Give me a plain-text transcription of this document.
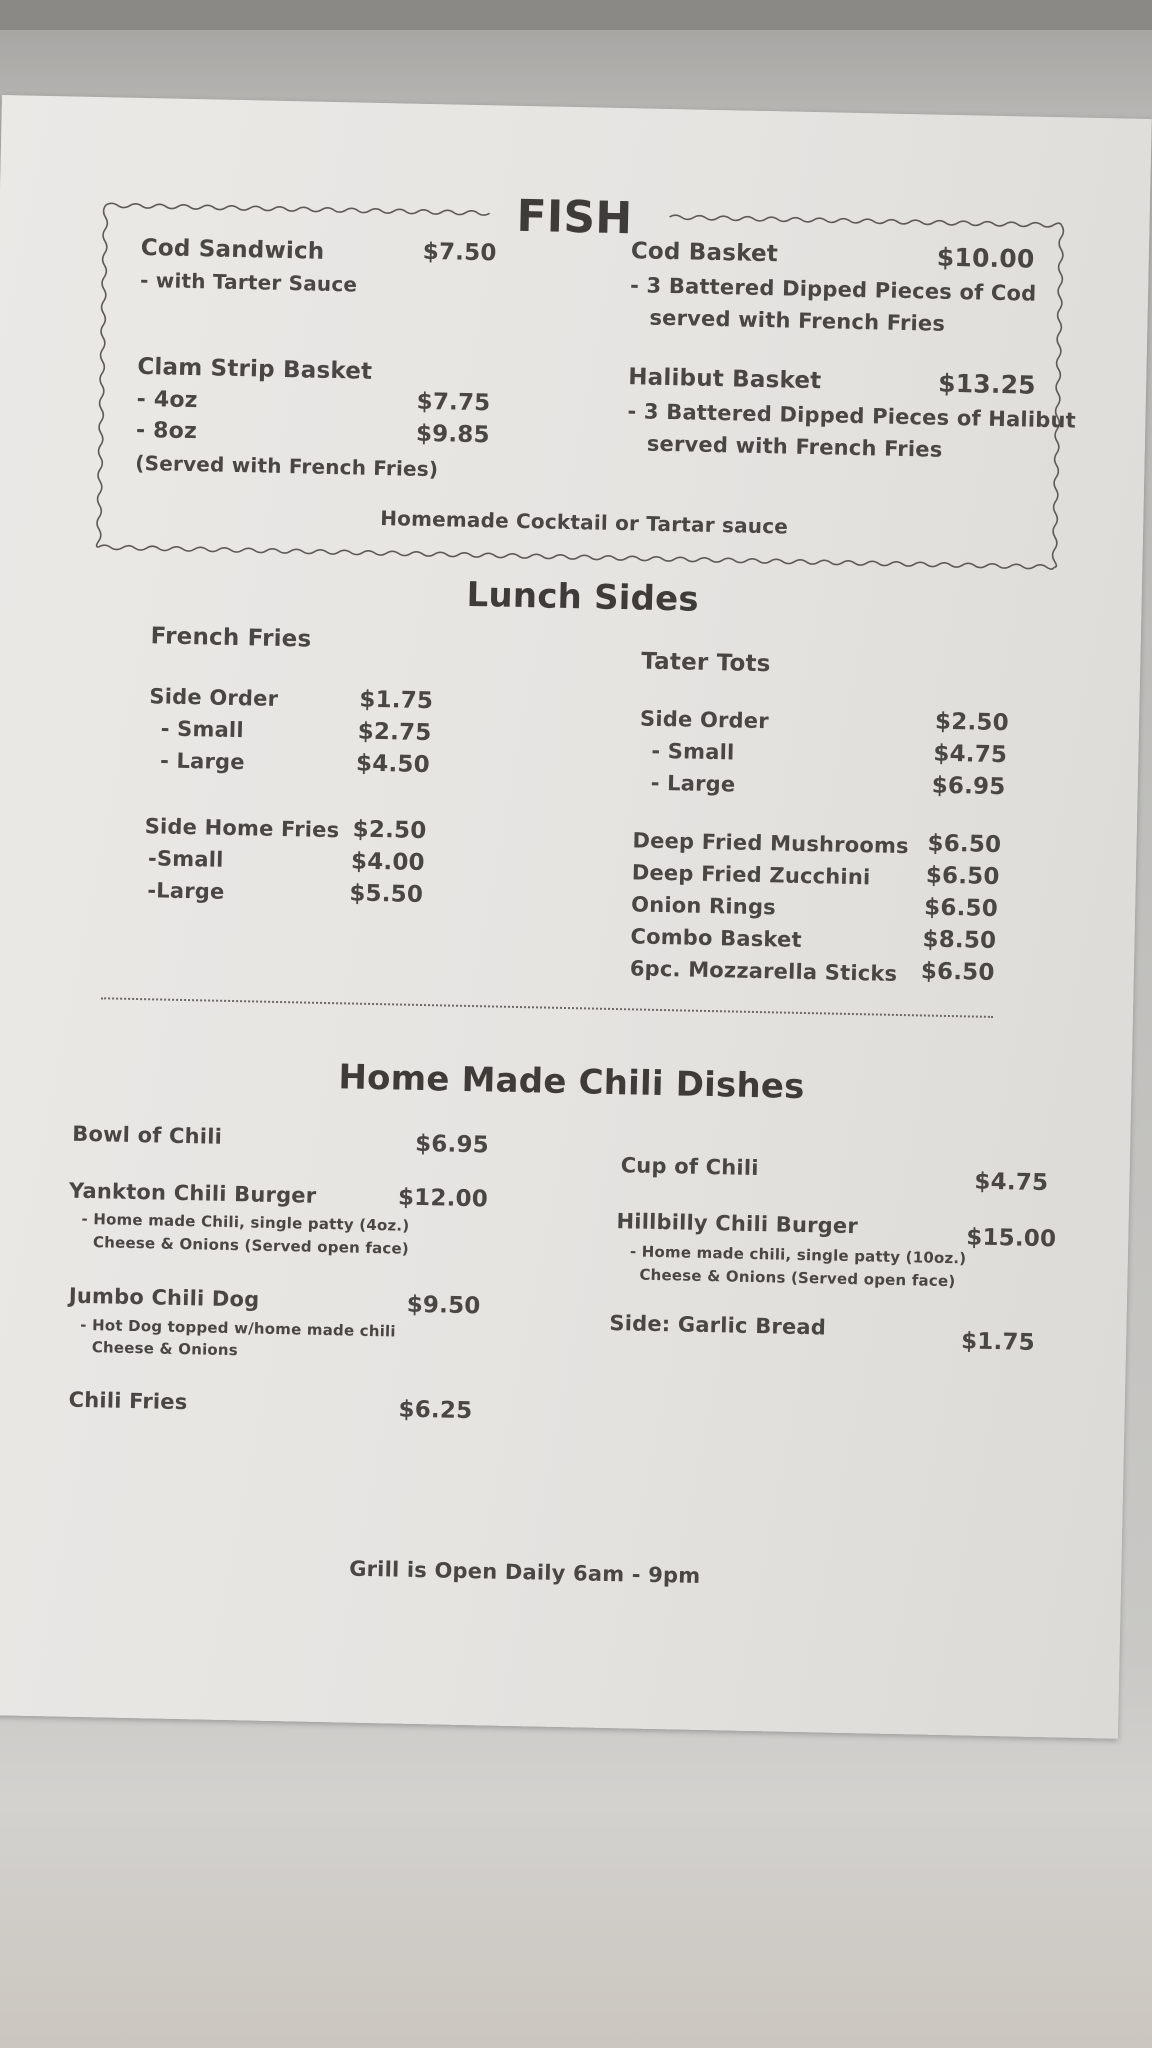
FISH
Cod Sandwich	$7.50
- with Tarter Sauce
Cod Basket	$10.00
- 3 Battered Dipped Pieces of Cod
served with French Fries
Clam Strip Basket
- 4oz	$7.75
- 8oz	$9.85
(Served with French Fries)
Halibut Basket	$13.25
- 3 Battered Dipped Pieces of Halibut
served with French Fries
Homemade Cocktail or Tartar sauce
Lunch Sides
French Fries
Side Order	$1.75
- Small	$2.75
- Large	$4.50
Side Home Fries $2.50
-Small	$4.00
-Large	$5.50
Tater Tots
Side Order	$2.50
- Small	$4.75
- Large	$6.95
Deep Fried Mushrooms $6.50
Deep Fried Zucchini $6.50
Onion Rings	$6.50
Combo Basket	$8.50
6pc. Mozzarella Sticks $6.50
Home Made Chili Dishes
Bowl of Chili	$6.95
Cup of Chili
$4.75
Yankton Chili Burger	$12.00
- Home made Chili, single patty (4oz.)
Cheese & Onions (Served open face)
Hillbilly Chili Burger
$15.00
- Home made chili, single patty (10oz.)
Cheese & Onions (Served open face)
Jumbo Chili Dog	$9.50
- Hot Dog topped w/home made chili
Cheese & Onions
Side: Garlic Bread
$1.75
Chili Fries	$6.25
Grill is Open Daily 6am - 9pm
